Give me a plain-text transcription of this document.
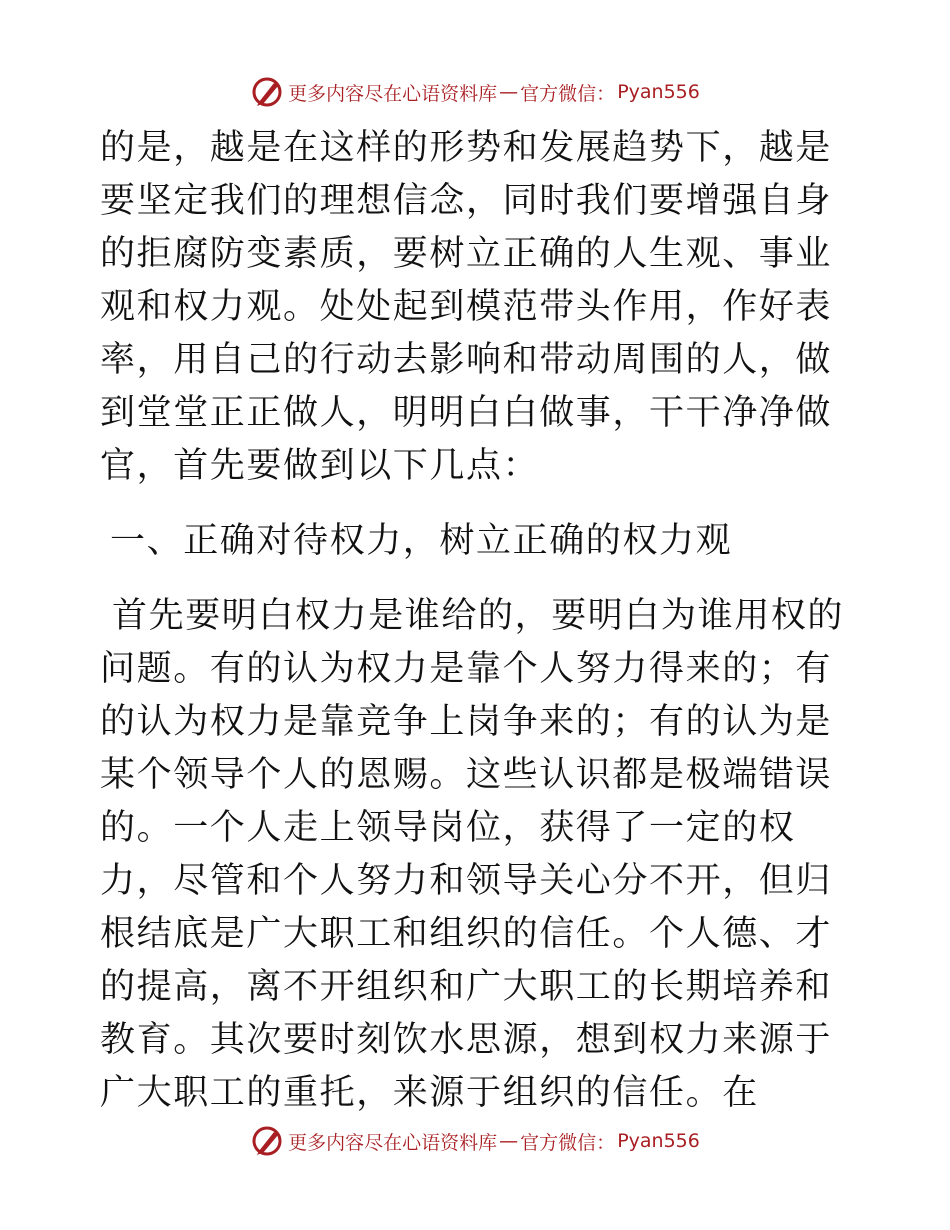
更多内容尽在心语资料库 — 官方微信： Pyan556

的是，越是在这样的形势和发展趋势下，越是要坚定我们的理想信念，同时我们要增强自身的拒腐防变素质，要树立正确的人生观、事业观和权力观。处处起到模范带头作用，作好表率，用自己的行动去影响和带动周围的人，做到堂堂正正做人，明明白白做事，干干净净做官，首先要做到以下几点：

一、正确对待权力，树立正确的权力观

首先要明白权力是谁给的，要明白为谁用权的问题。有的认为权力是靠个人努力得来的；有的认为权力是靠竞争上岗争来的；有的认为是某个领导个人的恩赐。这些认识都是极端错误的。一个人走上领导岗位，获得了一定的权力，尽管和个人努力和领导关心分不开，但归根结底是广大职工和组织的信任。个人德、才的提高，离不开组织和广大职工的长期培养和教育。其次要时刻饮水思源，想到权力来源于广大职工的重托，来源于组织的信任。在

更多内容尽在心语资料库 — 官方微信： Pyan556
